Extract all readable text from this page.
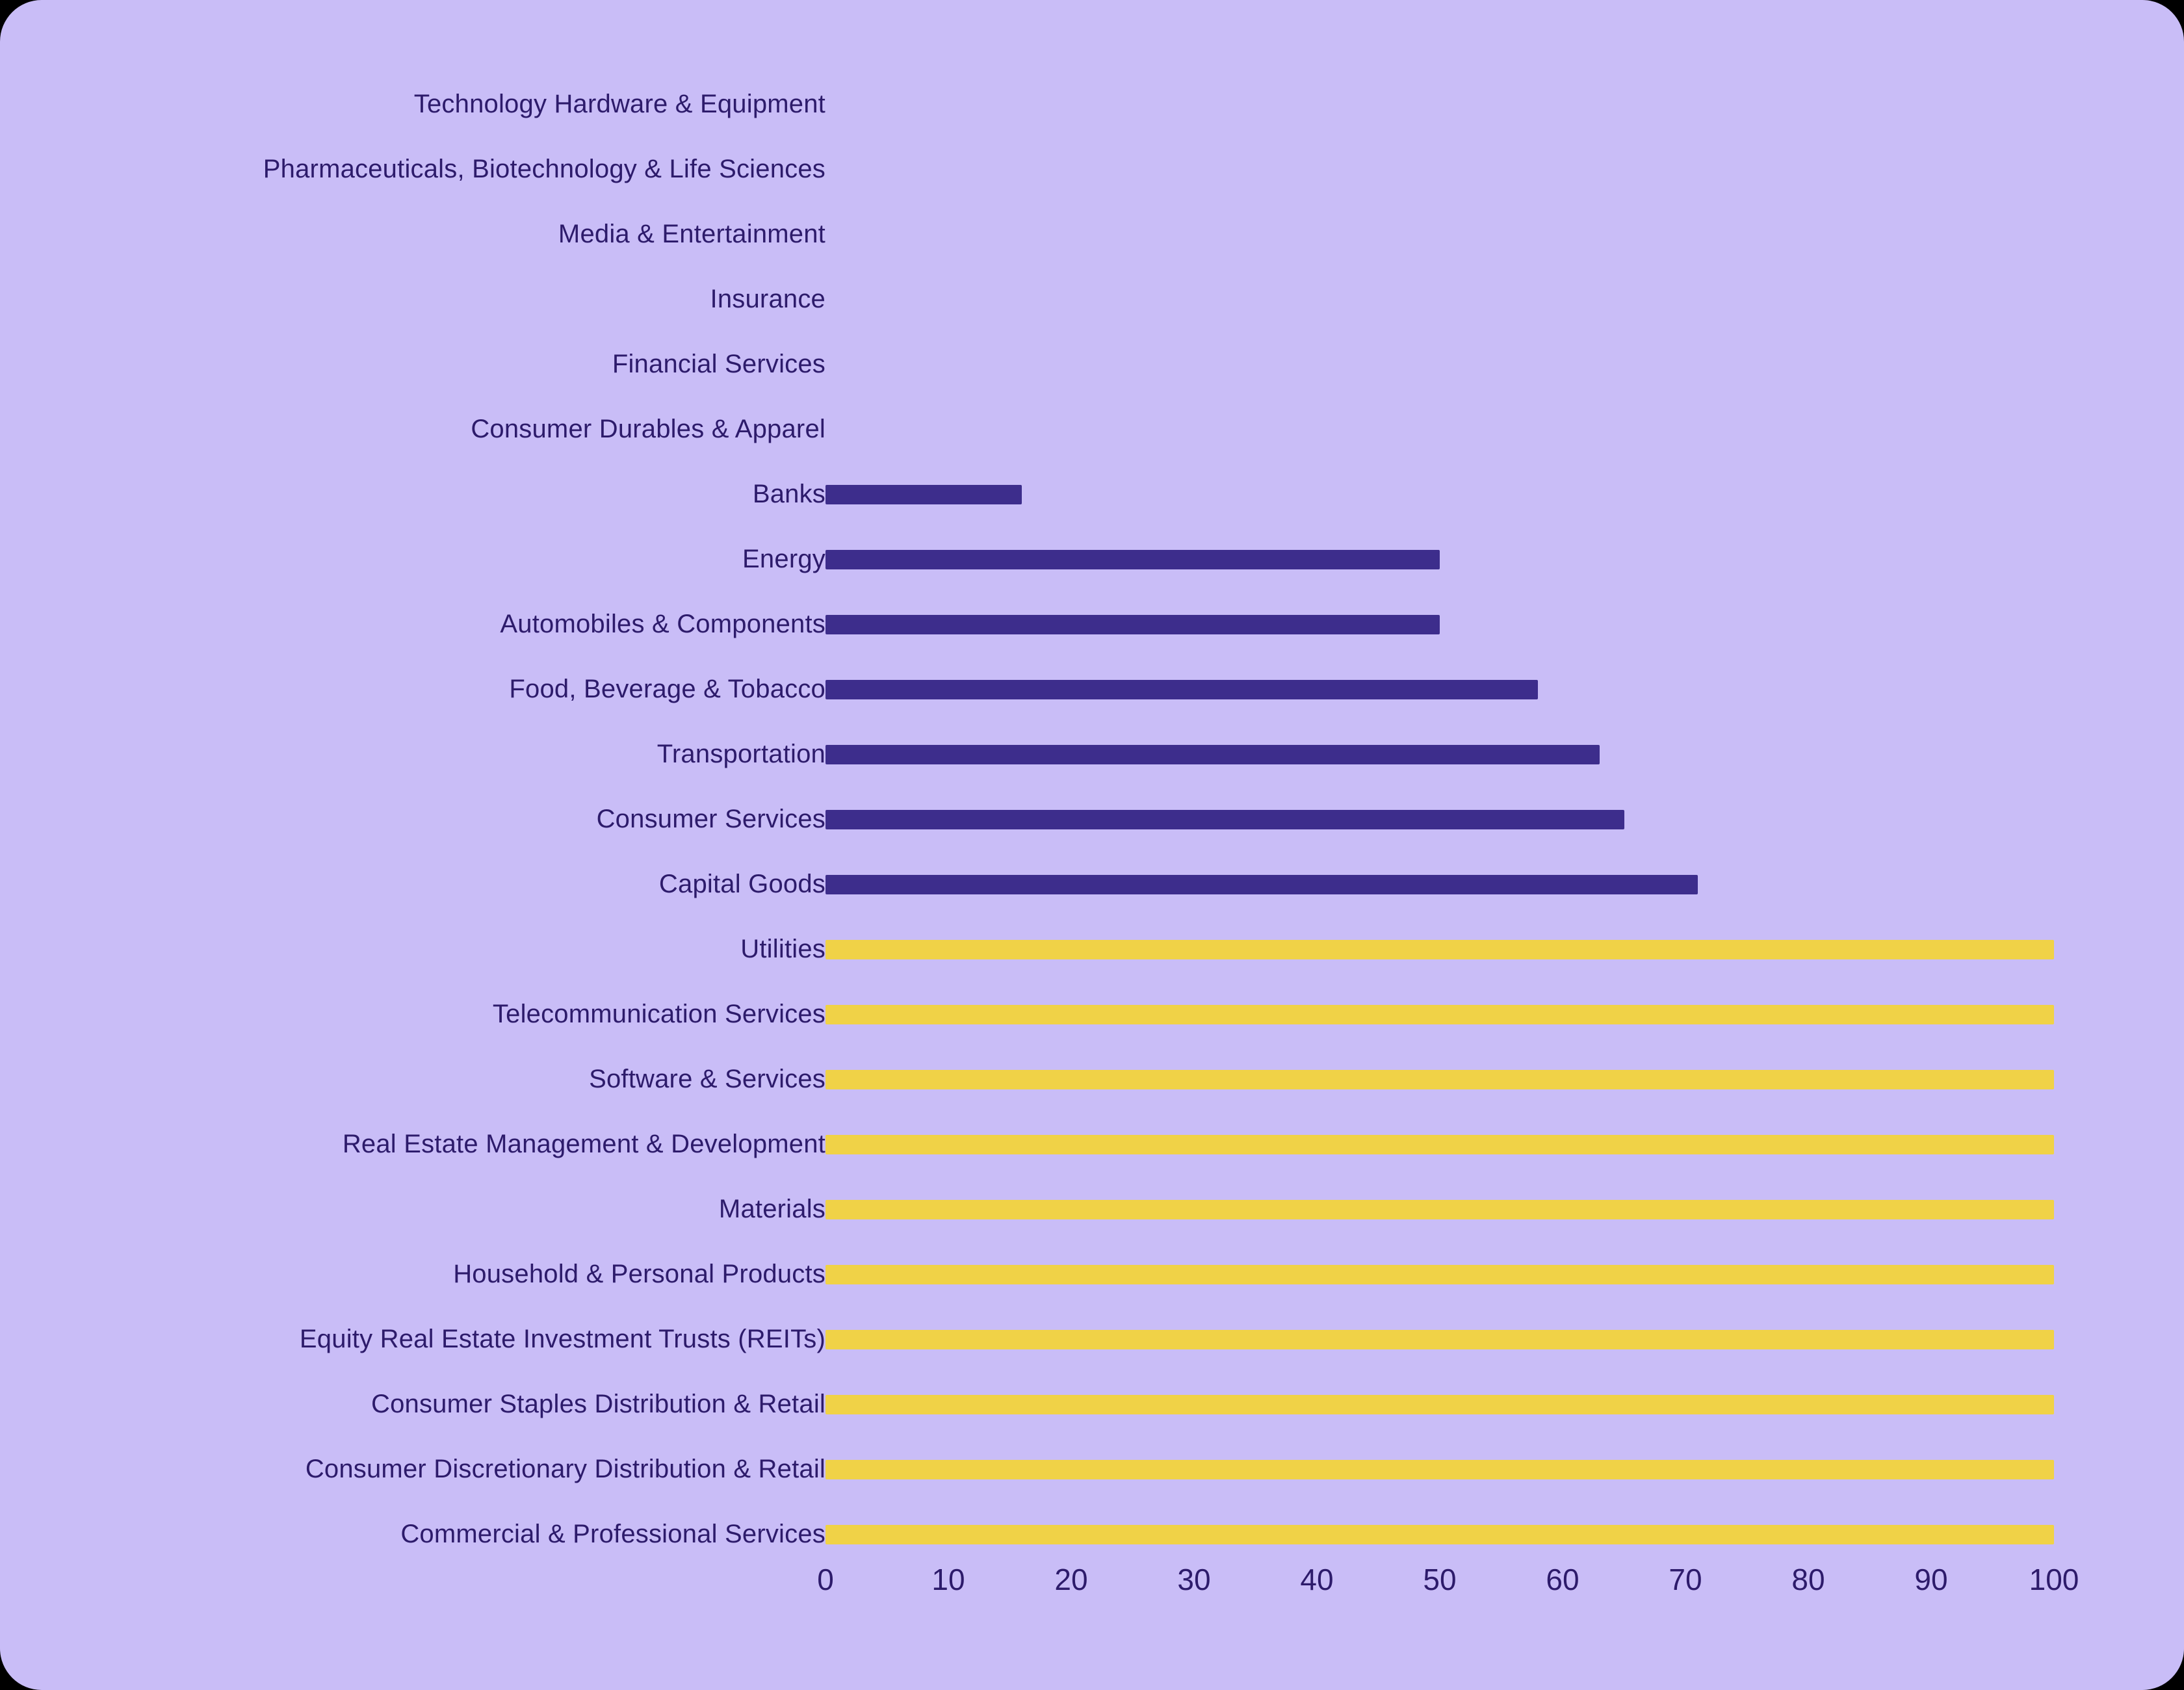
Technology Hardware & Equipment
Pharmaceuticals, Biotechnology & Life Sciences
Media & Entertainment
Insurance
Financial Services
Consumer Durables & Apparel
Banks
Energy
Automobiles & Components
Food, Beverage & Tobacco
Transportation
Consumer Services
Capital Goods
Utilities
Telecommunication Services
Software & Services
Real Estate Management & Development
Materials
Household & Personal Products
Equity Real Estate Investment Trusts (REITs)
Consumer Staples Distribution & Retail
Consumer Discretionary Distribution & Retail
Commercial & Professional Services
0	10	20	30	40	50	60	70	80	90	100
